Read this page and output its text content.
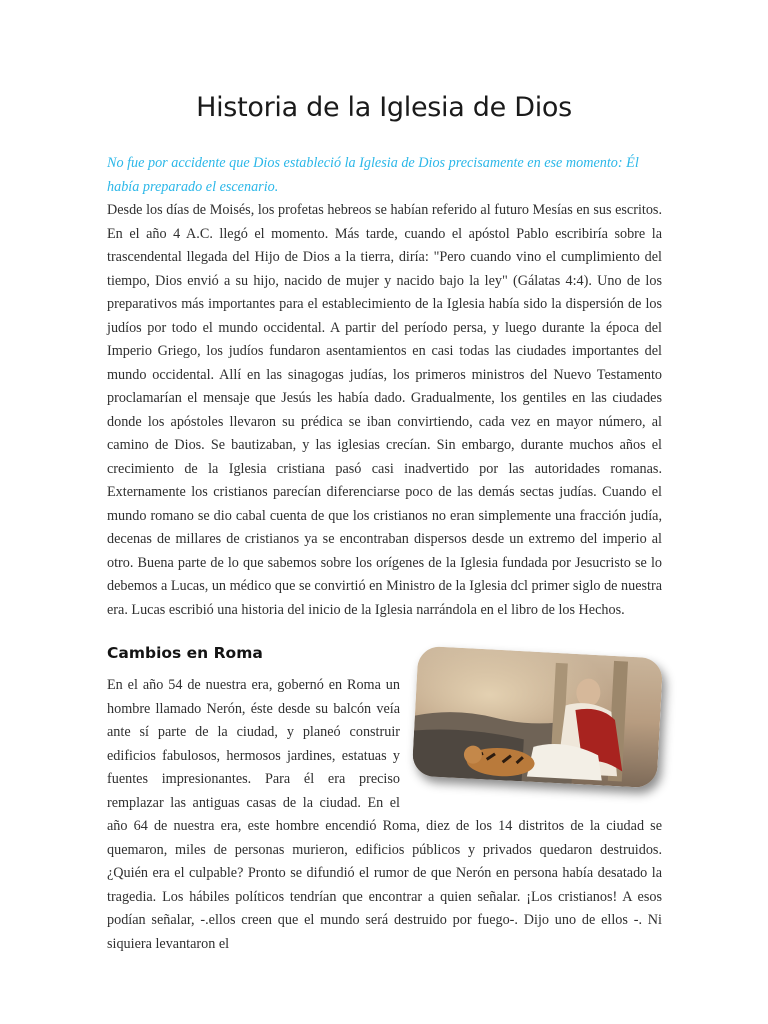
Historia de la Iglesia de Dios

No fue por accidente que Dios estableció la Iglesia de Dios precisamente en ese momento: Él había preparado el escenario.

Desde los días de Moisés, los profetas hebreos se habían referido al futuro Mesías en sus escritos. En el año 4 A.C. llegó el momento. Más tarde, cuando el apóstol Pablo escribiría sobre la trascendental llegada del Hijo de Dios a la tierra, diría: "Pero cuando vino el cumplimiento del tiempo, Dios envió a su hijo, nacido de mujer y nacido bajo la ley" (Gálatas 4:4). Uno de los preparativos más importantes para el establecimiento de la Iglesia había sido la dispersión de los judíos por todo el mundo occidental. A partir del período persa, y luego durante la época del Imperio Griego, los judíos fundaron asentamientos en casi todas las ciudades importantes del mundo occidental. Allí en las sinagogas judías, los primeros ministros del Nuevo Testamento proclamarían el mensaje que Jesús les había dado. Gradualmente, los gentiles en las ciudades donde los apóstoles llevaron su prédica se iban convirtiendo, cada vez en mayor número, al camino de Dios. Se bautizaban, y las iglesias crecían. Sin embargo, durante muchos años el crecimiento de la Iglesia cristiana pasó casi inadvertido por las autoridades romanas. Externamente los cristianos parecían diferenciarse poco de las demás sectas judías. Cuando el mundo romano se dio cabal cuenta de que los cristianos no eran simplemente una fracción judía, decenas de millares de cristianos ya se encontraban dispersos desde un extremo del imperio al otro. Buena parte de lo que sabemos sobre los orígenes de la Iglesia fundada por Jesucristo se lo debemos a Lucas, un médico que se convirtió en Ministro de la Iglesia dcl primer siglo de nuestra era. Lucas escribió una historia del inicio de la Iglesia narrándola en el libro de los Hechos.

Cambios en Roma
En el año 54 de nuestra era, gobernó en Roma un hombre llamado Nerón, éste desde su balcón veía ante sí parte de la ciudad, y planeó construir edificios fabulosos, hermosos jardines, estatuas y fuentes impresionantes. Para él era preciso remplazar las antiguas casas de la ciudad. En el año 64 de nuestra era, este hombre encendió Roma, diez de los 14 distritos de la ciudad se quemaron, miles de personas murieron, edificios públicos y privados quedaron destruidos. ¿Quién era el culpable? Pronto se difundió el rumor de que Nerón en persona había desatado la tragedia. Los hábiles políticos tendrían que encontrar a quien señalar. ¡Los cristianos! A esos podían señalar, -.ellos creen que el mundo será destruido por fuego-. Dijo uno de ellos -. Ni siquiera levantaron el
